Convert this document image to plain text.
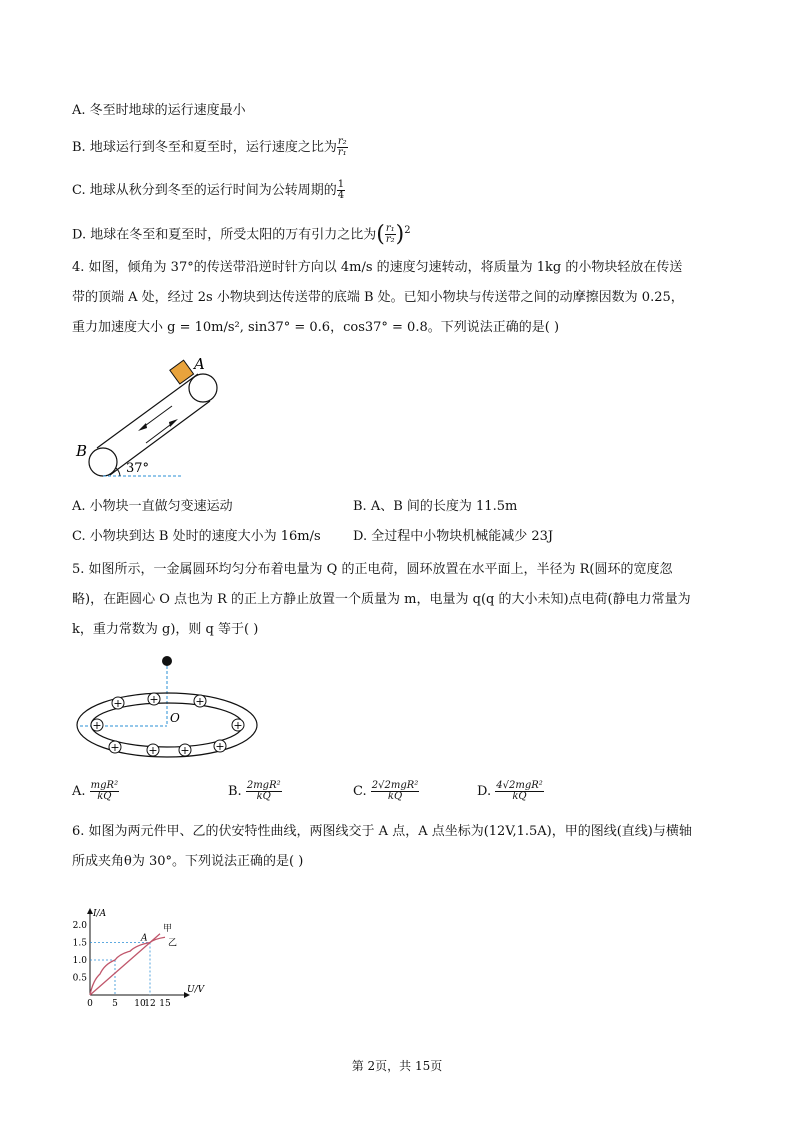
A. 冬至时地球的运行速度最小
B. 地球运行到冬至和夏至时，运行速度之比为 $\frac{\text{r₂}}{\text{r₁}}$
C. 地球从秋分到冬至的运行时间为公转周期的 $\frac{1}{4}$
D. 地球在冬至和夏至时，所受太阳的万有引力之比为( $\frac{\text{r₁}}{\text{r₂}} )^2$
4. 如图，倾角为 37°的传送带沿逆时针方向以 4m/s 的速度匀速转动，将质量为 1kg 的小物块轻放在传送
带的顶端 A 处，经过 2s 小物块到达传送带的底端 B 处。已知小物块与传送带之间的动摩擦因数为 0.25，
重力加速度大小 g = 10m/s², sin37° = 0.6，cos37° = 0.8。下列说法正确的是( )
A
B
37°
A. 小物块一直做匀变速运动	B. A、B 间的长度为 11.5m
C. 小物块到达 B 处时的速度大小为 16m/s D. 全过程中小物块机械能减少 23J
5. 如图所示，一金属圆环均匀分布着电量为 Q 的正电荷，圆环放置在水平面上，半径为 R(圆环的宽度忽
略)，在距圆心 O 点也为 R 的正上方静止放置一个质量为 m，电量为 q(q 的大小未知)点电荷(静电力常量为
k，重力常数为 g)，则 q 等于( )
O
+ +	+
+	+
+	+ + +
A. $\frac{\text{mgR²}}{kQ}$	B. $\frac{\text{2mgR²}}{kQ}$	C. $\frac{\text{2√2mgR²}}{kQ}$	D. $\frac{\text{4√2mgR²}}{kQ}$
6. 如图为两元件甲、乙的伏安特性曲线，两图线交于 A 点，A 点坐标为(12V,1.5A)，甲的图线(直线)与横轴
所成夹角θ为 30°。下列说法正确的是( )
U/V
I/A
0 5 10
12 15
0.5
1.0
1.5
2.0	甲
乙
A
第 2页，共 15页
